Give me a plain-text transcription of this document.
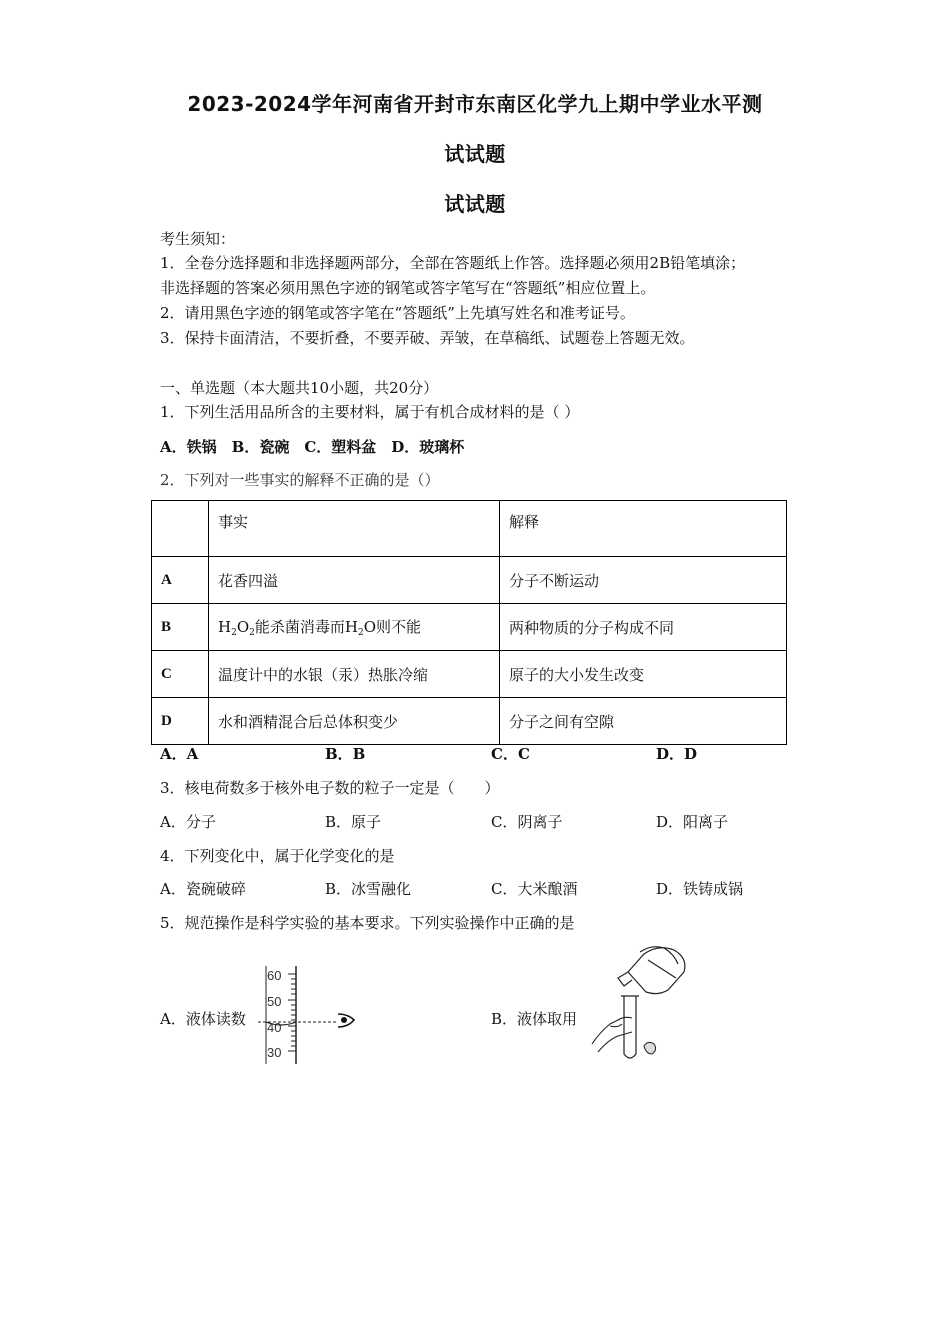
2023-2024学年河南省开封市东南区化学九上期中学业水平测
试试题
试试题
考生须知：
1．全卷分选择题和非选择题两部分，全部在答题纸上作答。选择题必须用2B铅笔填涂；
非选择题的答案必须用黑色字迹的钢笔或答字笔写在“答题纸”相应位置上。
2．请用黑色字迹的钢笔或答字笔在“答题纸”上先填写姓名和准考证号。
3．保持卡面清洁，不要折叠，不要弄破、弄皱，在草稿纸、试题卷上答题无效。
一、单选题（本大题共10小题，共20分）
1．下列生活用品所含的主要材料，属于有机合成材料的是（ ）
A．铁锅　B．瓷碗　C．塑料盆　D．玻璃杯
2．下列对一些事实的解释不正确的是（）
	事实	解释
A	花香四溢	分子不断运动
B	$H_2O_2$能杀菌消毒而$H_2O$则不能	两种物质的分子构成不同
C	温度计中的水银（汞）热胀冷缩	原子的大小发生改变
D	水和酒精混合后总体积变少	分子之间有空隙
A．A	B．B	C．C	D．D
3．核电荷数多于核外电子数的粒子一定是（　　）
A．分子	B．原子	C．阴离子	D．阳离子
4．下列变化中，属于化学变化的是
A．瓷碗破碎	B．冰雪融化	C．大米酿酒	D．铁铸成锅
5．规范操作是科学实验的基本要求。下列实验操作中正确的是
A．液体读数	B．液体取用
60
50
40
30
